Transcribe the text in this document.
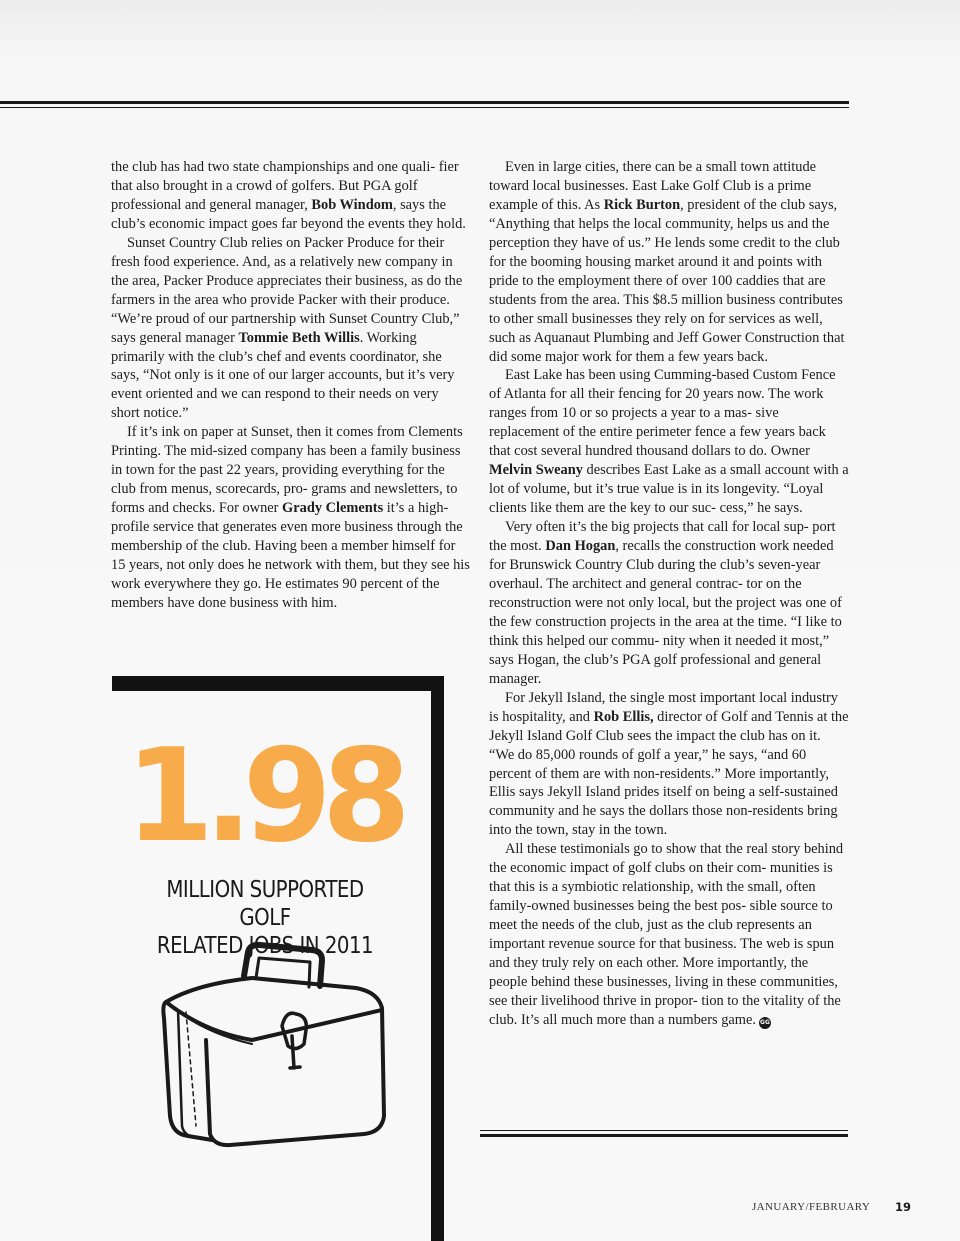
the club has had two state championships and one quali- fier that also brought in a crowd of golfers. But PGA golf professional and general manager, Bob Windom, says the club’s economic impact goes far beyond the events they hold.

Sunset Country Club relies on Packer Produce for their fresh food experience. And, as a relatively new company in the area, Packer Produce appreciates their business, as do the farmers in the area who provide Packer with their produce. “We’re proud of our partnership with Sunset Country Club,” says general manager Tommie Beth Willis. Working primarily with the club’s chef and events coordinator, she says, “Not only is it one of our larger accounts, but it’s very event oriented and we can respond to their needs on very short notice.”

If it’s ink on paper at Sunset, then it comes from Clements Printing. The mid-sized company has been a family business in town for the past 22 years, providing everything for the club from menus, scorecards, pro- grams and newsletters, to forms and checks. For owner Grady Clements it’s a high-profile service that generates even more business through the membership of the club. Having been a member himself for 15 years, not only does he network with them, but they see his work everywhere they go. He estimates 90 percent of the members have done business with him.

Even in large cities, there can be a small town attitude toward local businesses. East Lake Golf Club is a prime example of this. As Rick Burton, president of the club says, “Anything that helps the local community, helps us and the perception they have of us.” He lends some credit to the club for the booming housing market around it and points with pride to the employment there of over 100 caddies that are students from the area. This $8.5 million business contributes to other small businesses they rely on for services as well, such as Aquanaut Plumbing and Jeff Gower Construction that did some major work for them a few years back.

East Lake has been using Cumming-based Custom Fence of Atlanta for all their fencing for 20 years now. The work ranges from 10 or so projects a year to a mas- sive replacement of the entire perimeter fence a few years back that cost several hundred thousand dollars to do. Owner Melvin Sweany describes East Lake as a small account with a lot of volume, but it’s true value is in its longevity. “Loyal clients like them are the key to our suc- cess,” he says.

Very often it’s the big projects that call for local sup- port the most. Dan Hogan, recalls the construction work needed for Brunswick Country Club during the club’s seven-year overhaul. The architect and general contrac- tor on the reconstruction were not only local, but the project was one of the few construction projects in the area at the time. “I like to think this helped our commu- nity when it needed it most,” says Hogan, the club’s PGA golf professional and general manager.

For Jekyll Island, the single most important local industry is hospitality, and Rob Ellis, director of Golf and Tennis at the Jekyll Island Golf Club sees the impact the club has on it. “We do 85,000 rounds of golf a year,” he says, “and 60 percent of them are with non-residents.” More importantly, Ellis says Jekyll Island prides itself on being a self-sustained community and he says the dollars those non-residents bring into the town, stay in the town.

All these testimonials go to show that the real story behind the economic impact of golf clubs on their com- munities is that this is a symbiotic relationship, with the small, often family-owned businesses being the best pos- sible source to meet the needs of the club, just as the club represents an important revenue source for that business. The web is spun and they truly rely on each other. More importantly, the people behind these businesses, living in these communities, see their livelihood thrive in propor- tion to the vitality of the club. It’s all much more than a numbers game. GG

1.98
MILLION SUPPORTED GOLF
RELATED JOBS IN 2011
JANUARY/FEBRUARY 19
